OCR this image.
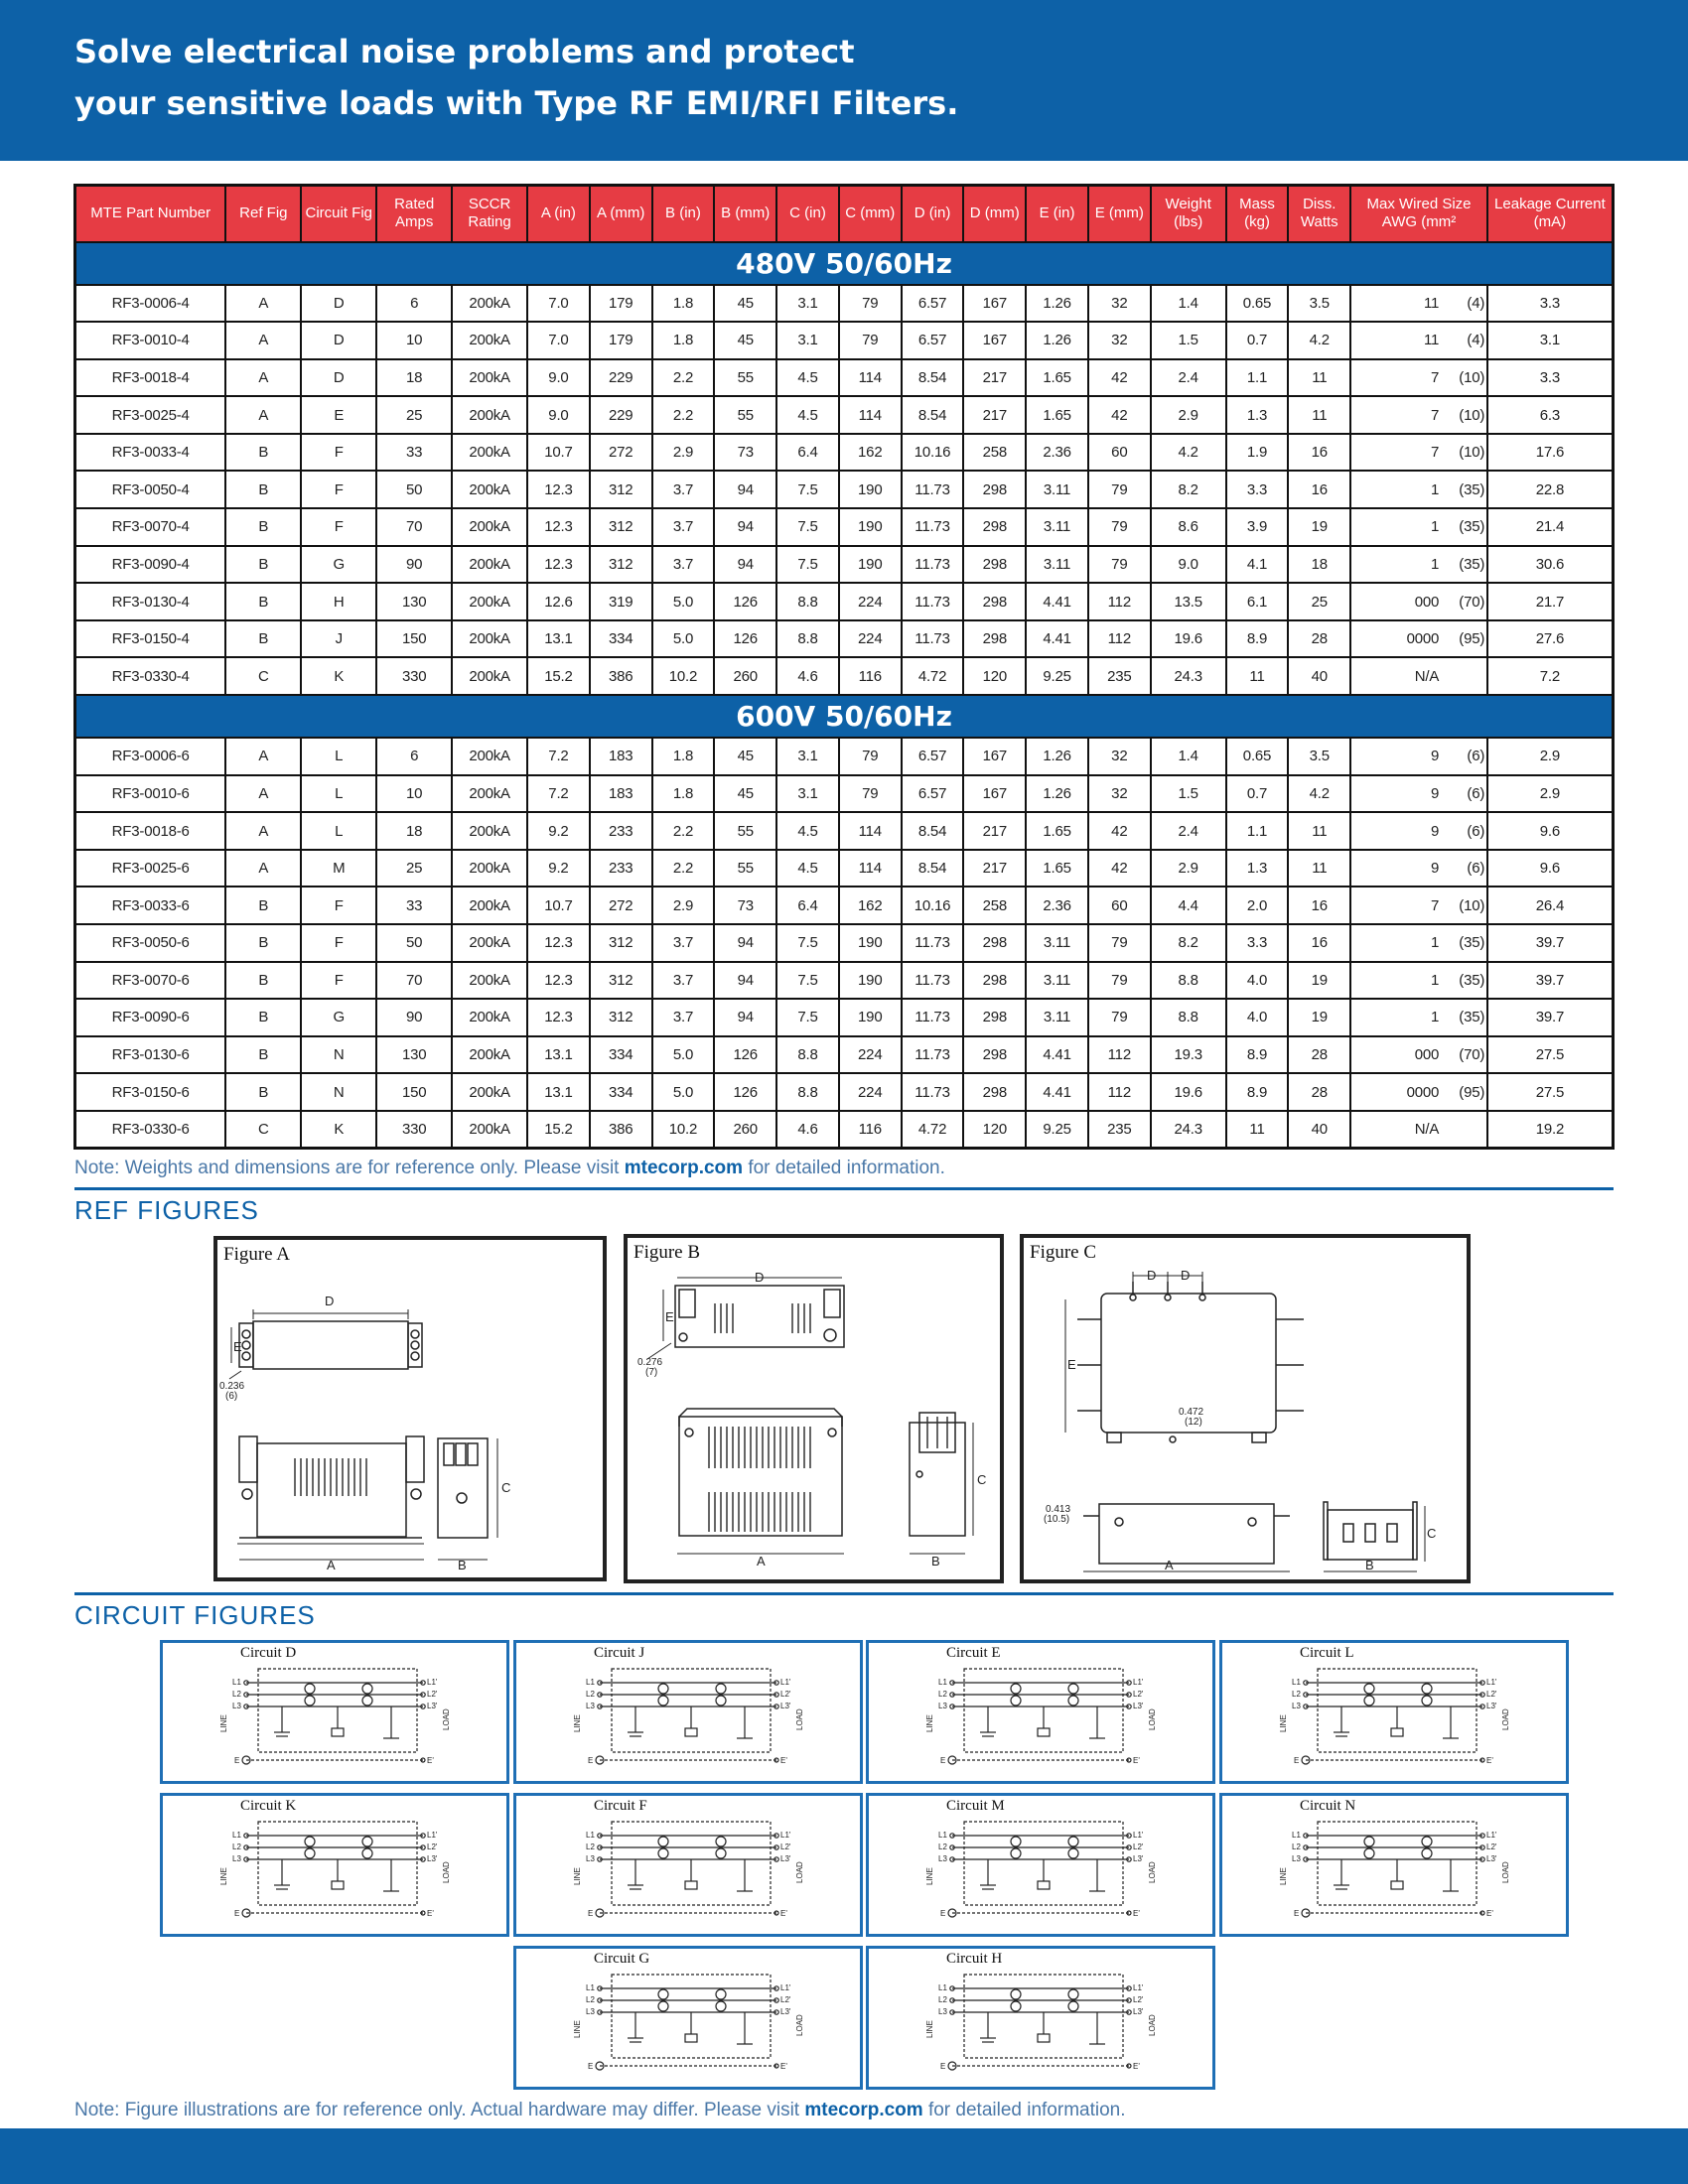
Solve electrical noise problems and protect
your sensitive loads with Type RF EMI/RFI Filters.
MTE Part Number	Ref Fig	Circuit Fig	Rated Amps	SCCR Rating	A (in)	A (mm)	B (in)	B (mm)	C (in)	C (mm)	D (in)	D (mm)	E (in)	E (mm)	Weight (lbs)	Mass (kg)	Diss. Watts	Max Wired Size AWG (mm²	Leakage Current (mA)
480V 50/60Hz																			
RF3-0006-4	A	D	6	200kA	7.0	179	1.8	45	3.1	79	6.57	167	1.26	32	1.4	0.65	3.5	11 (4)	3.3
RF3-0010-4	A	D	10	200kA	7.0	179	1.8	45	3.1	79	6.57	167	1.26	32	1.5	0.7	4.2	11 (4)	3.1
RF3-0018-4	A	D	18	200kA	9.0	229	2.2	55	4.5	114	8.54	217	1.65	42	2.4	1.1	11	7 (10)	3.3
RF3-0025-4	A	E	25	200kA	9.0	229	2.2	55	4.5	114	8.54	217	1.65	42	2.9	1.3	11	7 (10)	6.3
RF3-0033-4	B	F	33	200kA	10.7	272	2.9	73	6.4	162	10.16	258	2.36	60	4.2	1.9	16	7 (10)	17.6
RF3-0050-4	B	F	50	200kA	12.3	312	3.7	94	7.5	190	11.73	298	3.11	79	8.2	3.3	16	1 (35)	22.8
RF3-0070-4	B	F	70	200kA	12.3	312	3.7	94	7.5	190	11.73	298	3.11	79	8.6	3.9	19	1 (35)	21.4
RF3-0090-4	B	G	90	200kA	12.3	312	3.7	94	7.5	190	11.73	298	3.11	79	9.0	4.1	18	1 (35)	30.6
RF3-0130-4	B	H	130	200kA	12.6	319	5.0	126	8.8	224	11.73	298	4.41	112	13.5	6.1	25	000 (70)	21.7
RF3-0150-4	B	J	150	200kA	13.1	334	5.0	126	8.8	224	11.73	298	4.41	112	19.6	8.9	28	0000 (95)	27.6
RF3-0330-4	C	K	330	200kA	15.2	386	10.2	260	4.6	116	4.72	120	9.25	235	24.3	11	40	N/A	7.2
600V 50/60Hz																			
RF3-0006-6	A	L	6	200kA	7.2	183	1.8	45	3.1	79	6.57	167	1.26	32	1.4	0.65	3.5	9 (6)	2.9
RF3-0010-6	A	L	10	200kA	7.2	183	1.8	45	3.1	79	6.57	167	1.26	32	1.5	0.7	4.2	9 (6)	2.9
RF3-0018-6	A	L	18	200kA	9.2	233	2.2	55	4.5	114	8.54	217	1.65	42	2.4	1.1	11	9 (6)	9.6
RF3-0025-6	A	M	25	200kA	9.2	233	2.2	55	4.5	114	8.54	217	1.65	42	2.9	1.3	11	9 (6)	9.6
RF3-0033-6	B	F	33	200kA	10.7	272	2.9	73	6.4	162	10.16	258	2.36	60	4.4	2.0	16	7 (10)	26.4
RF3-0050-6	B	F	50	200kA	12.3	312	3.7	94	7.5	190	11.73	298	3.11	79	8.2	3.3	16	1 (35)	39.7
RF3-0070-6	B	F	70	200kA	12.3	312	3.7	94	7.5	190	11.73	298	3.11	79	8.8	4.0	19	1 (35)	39.7
RF3-0090-6	B	G	90	200kA	12.3	312	3.7	94	7.5	190	11.73	298	3.11	79	8.8	4.0	19	1 (35)	39.7
RF3-0130-6	B	N	130	200kA	13.1	334	5.0	126	8.8	224	11.73	298	4.41	112	19.3	8.9	28	000 (70)	27.5
RF3-0150-6	B	N	150	200kA	13.1	334	5.0	126	8.8	224	11.73	298	4.41	112	19.6	8.9	28	0000 (95)	27.5
RF3-0330-6	C	K	330	200kA	15.2	386	10.2	260	4.6	116	4.72	120	9.25	235	24.3	11	40	N/A	19.2
Note: Weights and dimensions are for reference only. Please visit mtecorp.com for detailed information.
REF FIGURES
Figure A
D
E
0.236
(6)
A	B
C
Figure B
D
E
0.276
(7)
A	B
C
Figure C
D D
E
0.472
(12)
0.413
(10.5)
A	B
C
CIRCUIT FIGURES
Circuit D
L1
L2
L3
L1'
L2'
L3'
E	E'
LINE	LOAD
Circuit J
L1
L2
L3
L1'
L2'
L3'
E	E'
LINE	LOAD
Circuit E
L1
L2
L3
L1'
L2'
L3'
E	E'
LINE	LOAD
Circuit L
L1
L2
L3
L1'
L2'
L3'
E	E'
LINE	LOAD
Circuit K
L1
L2
L3
L1'
L2'
L3'
E	E'
LINE	LOAD
Circuit F
L1
L2
L3
L1'
L2'
L3'
E	E'
LINE	LOAD
Circuit M
L1
L2
L3
L1'
L2'
L3'
E	E'
LINE	LOAD
Circuit N
L1
L2
L3
L1'
L2'
L3'
E	E'
LINE	LOAD
Circuit G
L1
L2
L3
L1'
L2'
L3'
E	E'
LINE	LOAD
Circuit H
L1
L2
L3
L1'
L2'
L3'
E	E'
LINE	LOAD
Note: Figure illustrations are for reference only. Actual hardware may differ. Please visit mtecorp.com for detailed information.
